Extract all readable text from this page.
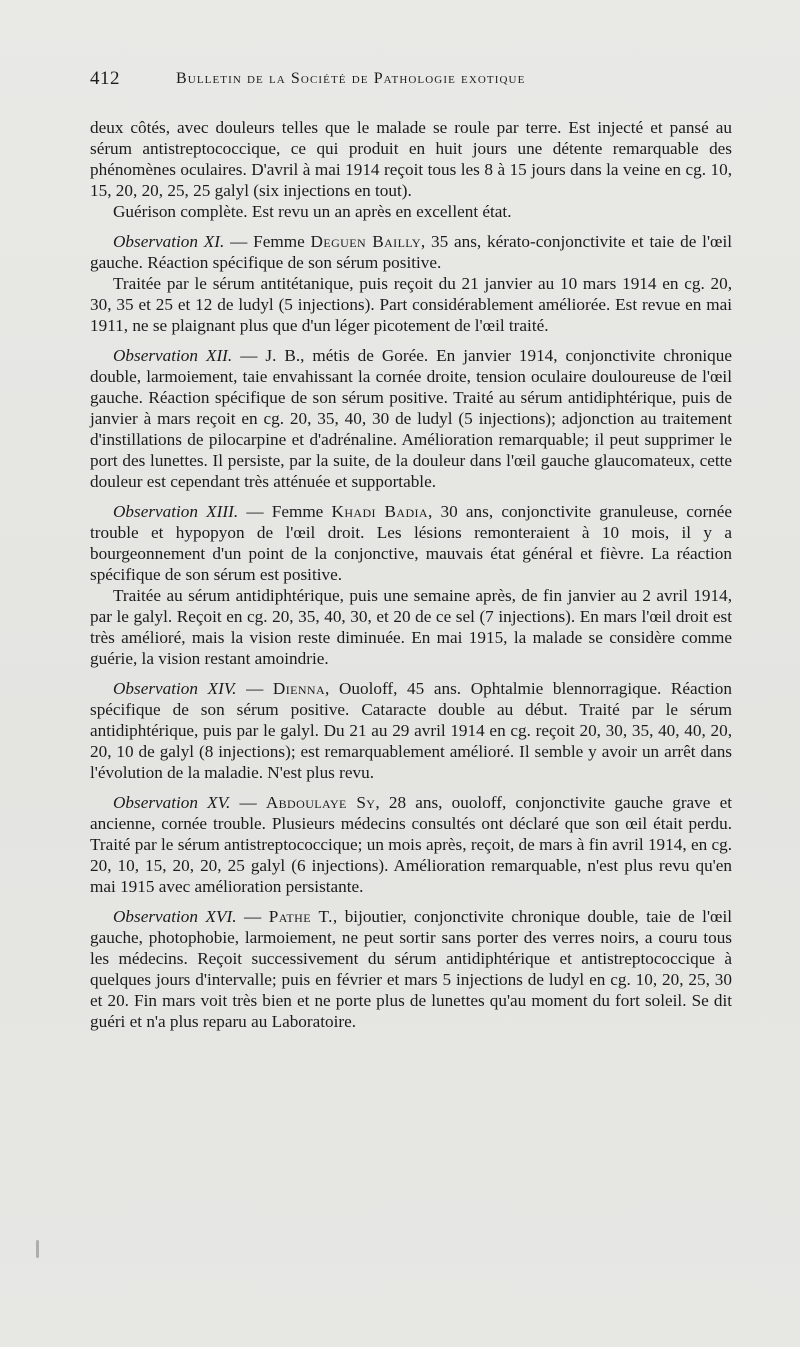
412	Bulletin de la Société de Pathologie exotique

deux côtés, avec douleurs telles que le malade se roule par terre. Est injecté et pansé au sérum antistreptococcique, ce qui produit en huit jours une détente remarquable des phénomènes oculaires. D'avril à mai 1914 reçoit tous les 8 à 15 jours dans la veine en cg. 10, 15, 20, 20, 25, 25 galyl (six injections en tout).

Guérison complète. Est revu un an après en excellent état.

Observation XI. — Femme Deguen Bailly, 35 ans, kérato-conjonctivite et taie de l'œil gauche. Réaction spécifique de son sérum positive.

Traitée par le sérum antitétanique, puis reçoit du 21 janvier au 10 mars 1914 en cg. 20, 30, 35 et 25 et 12 de ludyl (5 injections). Part considérablement améliorée. Est revue en mai 1911, ne se plaignant plus que d'un léger picotement de l'œil traité.

Observation XII. — J. B., métis de Gorée. En janvier 1914, conjonctivite chronique double, larmoiement, taie envahissant la cornée droite, tension oculaire douloureuse de l'œil gauche. Réaction spécifique de son sérum positive. Traité au sérum antidiphtérique, puis de janvier à mars reçoit en cg. 20, 35, 40, 30 de ludyl (5 injections); adjonction au traitement d'instillations de pilocarpine et d'adrénaline. Amélioration remarquable; il peut supprimer le port des lunettes. Il persiste, par la suite, de la douleur dans l'œil gauche glaucomateux, cette douleur est cependant très atténuée et supportable.

Observation XIII. — Femme Khadi Badia, 30 ans, conjonctivite granuleuse, cornée trouble et hypopyon de l'œil droit. Les lésions remonteraient à 10 mois, il y a bourgeonnement d'un point de la conjonctive, mauvais état général et fièvre. La réaction spécifique de son sérum est positive.

Traitée au sérum antidiphtérique, puis une semaine après, de fin janvier au 2 avril 1914, par le galyl. Reçoit en cg. 20, 35, 40, 30, et 20 de ce sel (7 injections). En mars l'œil droit est très amélioré, mais la vision reste diminuée. En mai 1915, la malade se considère comme guérie, la vision restant amoindrie.

Observation XIV. — Dienna, Ouoloff, 45 ans. Ophtalmie blennorragique. Réaction spécifique de son sérum positive. Cataracte double au début. Traité par le sérum antidiphtérique, puis par le galyl. Du 21 au 29 avril 1914 en cg. reçoit 20, 30, 35, 40, 40, 20, 20, 10 de galyl (8 injections); est remarquablement amélioré. Il semble y avoir un arrêt dans l'évolution de la maladie. N'est plus revu.

Observation XV. — Abdoulaye Sy, 28 ans, ouoloff, conjonctivite gauche grave et ancienne, cornée trouble. Plusieurs médecins consultés ont déclaré que son œil était perdu. Traité par le sérum antistreptococcique; un mois après, reçoit, de mars à fin avril 1914, en cg. 20, 10, 15, 20, 20, 25 galyl (6 injections). Amélioration remarquable, n'est plus revu qu'en mai 1915 avec amélioration persistante.

Observation XVI. — Pathe T., bijoutier, conjonctivite chronique double, taie de l'œil gauche, photophobie, larmoiement, ne peut sortir sans porter des verres noirs, a couru tous les médecins. Reçoit successivement du sérum antidiphtérique et antistreptococcique à quelques jours d'intervalle; puis en février et mars 5 injections de ludyl en cg. 10, 20, 25, 30 et 20. Fin mars voit très bien et ne porte plus de lunettes qu'au moment du fort soleil. Se dit guéri et n'a plus reparu au Laboratoire.
